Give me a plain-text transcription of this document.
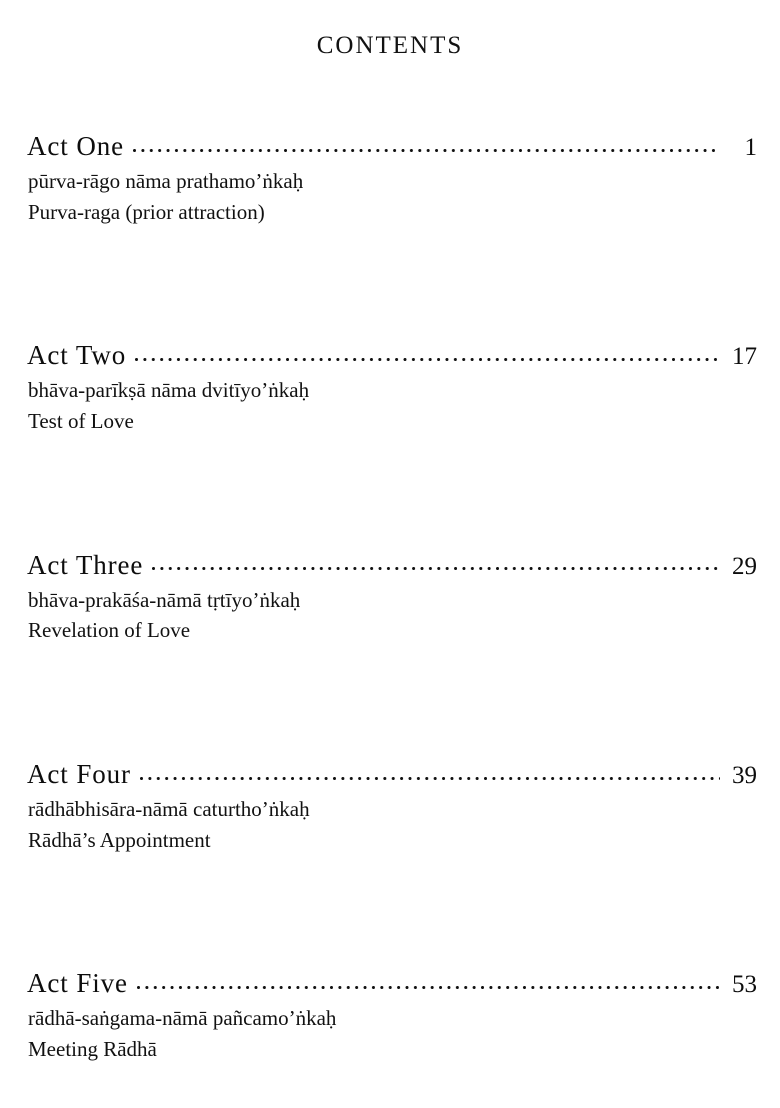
CONTENTS
Act One	1
pūrva-rāgo nāma prathamo’ṅkaḥ
Purva-raga (prior attraction)
Act Two	17
bhāva-parīkṣā nāma dvitīyo’ṅkaḥ
Test of Love
Act Three	29
bhāva-prakāśa-nāmā tṛtīyo’ṅkaḥ
Revelation of Love
Act Four	39
rādhābhisāra-nāmā caturtho’ṅkaḥ
Rādhā’s Appointment
Act Five	53
rādhā-saṅgama-nāmā pañcamo’ṅkaḥ
Meeting Rādhā
